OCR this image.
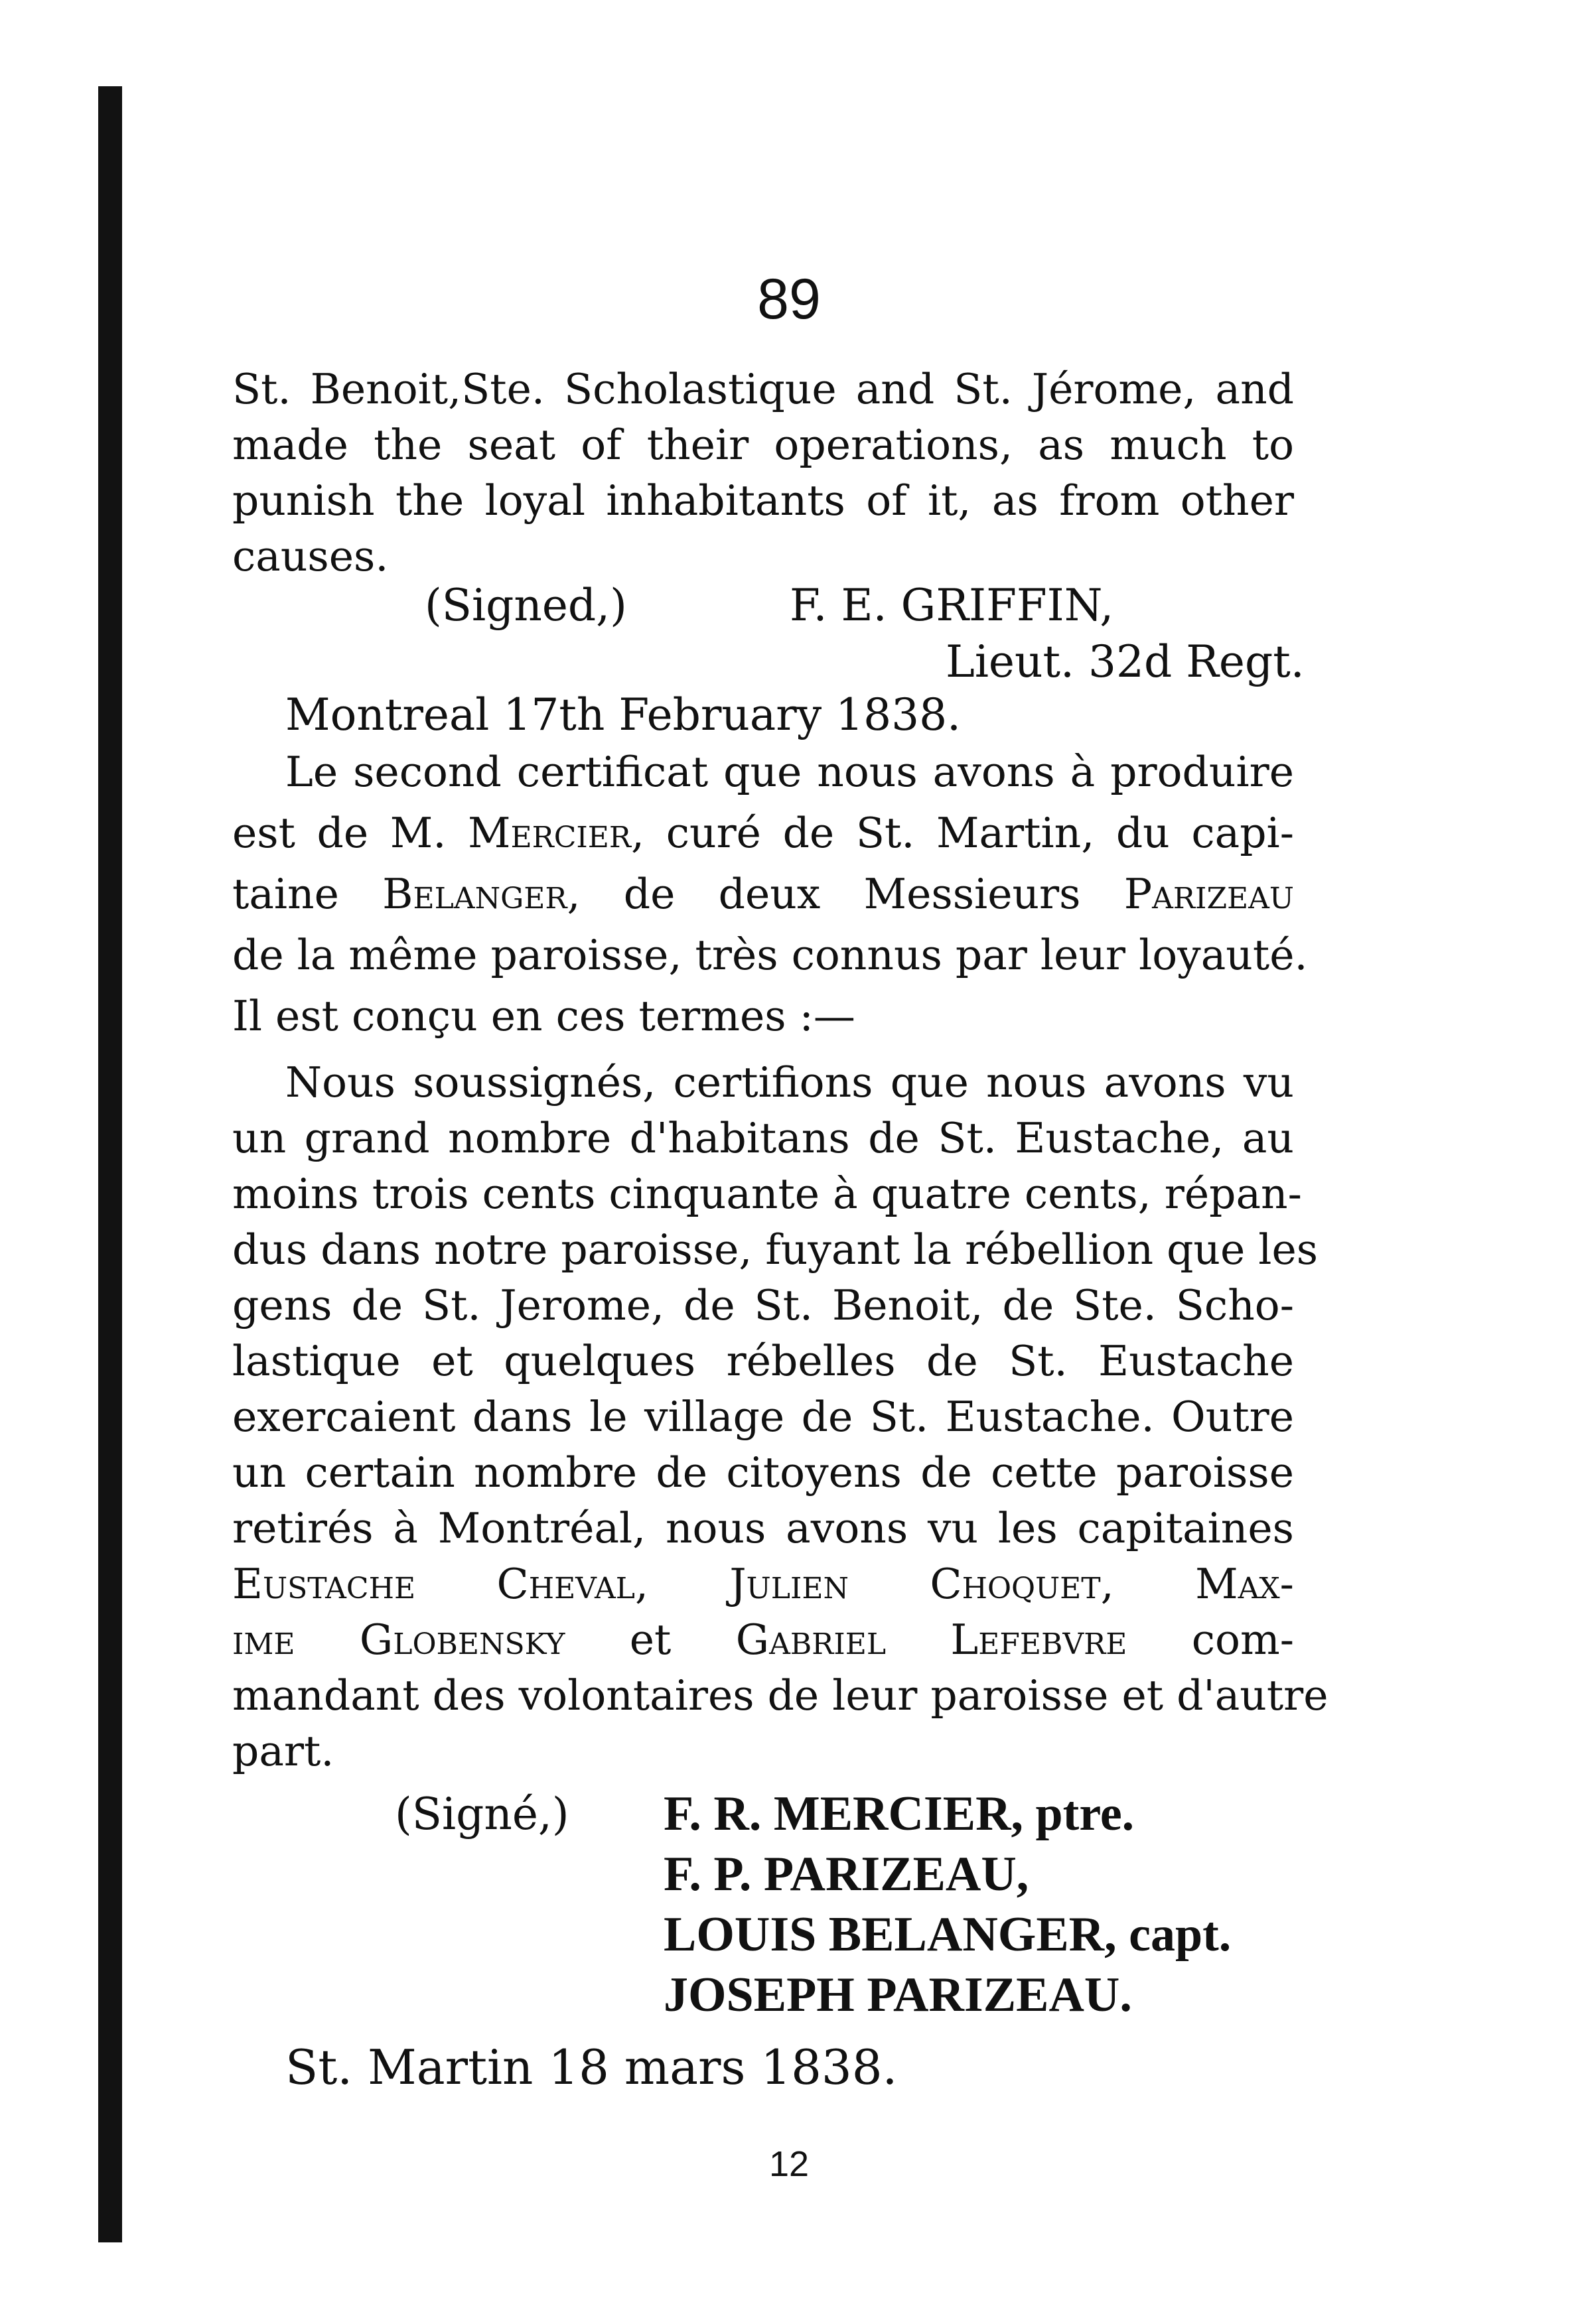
89
St. Benoit,Ste. Scholastique and St. Jérome, and
made the seat of their operations, as much to
punish the loyal inhabitants of it, as from other
causes.
(Signed,)	F. E. GRIFFIN,
Lieut. 32d Regt.
Montreal 17th February 1838.
Le second certificat que nous avons à produire
est de M. Mercier, curé de St. Martin, du capi-
taine Belanger, de deux Messieurs Parizeau
de la même paroisse, très connus par leur loyauté.
Il est conçu en ces termes :—
Nous soussignés, certifions que nous avons vu
un grand nombre d'habitans de St. Eustache, au
moins trois cents cinquante à quatre cents, répan-
dus dans notre paroisse, fuyant la rébellion que les
gens de St. Jerome, de St. Benoit, de Ste. Scho-
lastique et quelques rébelles de St. Eustache
exercaient dans le village de St. Eustache. Outre
un certain nombre de citoyens de cette paroisse
retirés à Montréal, nous avons vu les capitaines
Eustache Cheval, Julien Choquet, Max-
ime Globensky et Gabriel Lefebvre com-
mandant des volontaires de leur paroisse et d'autre
part.
(Signé,) F. R. MERCIER, ptre.
F. P. PARIZEAU,
LOUIS BELANGER, capt.
JOSEPH PARIZEAU.
St. Martin 18 mars 1838.
12
